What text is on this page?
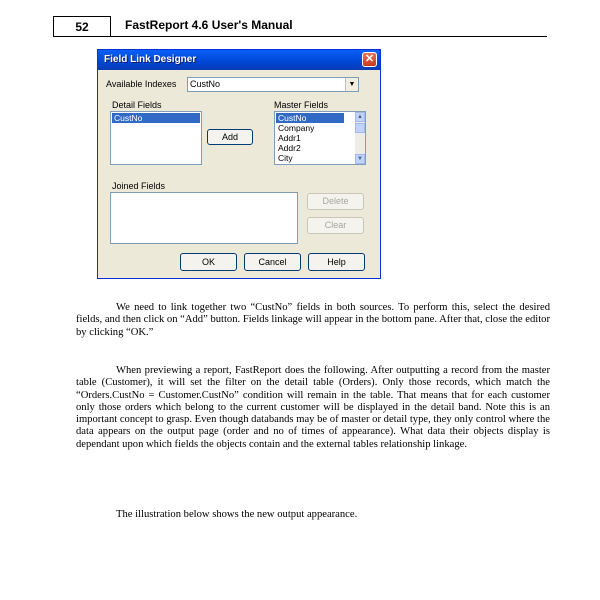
52	FastReport 4.6 User's Manual
Field Link Designer	✕
Available Indexes CustNo	▼
Detail Fields
CustNo
Add
Master Fields
CustNo
Company
Addr1
Addr2
City
▲
▼
Joined Fields
Delete
Clear
OK	Cancel	Help

We need to link together two “CustNo” fields in both sources. To perform this, select the desired fields, and then click on “Add” button. Fields linkage will appear in the bottom pane. After that, close the editor by clicking “OK.”

When previewing a report, FastReport does the following. After outputting a record from the master table (Customer), it will set the filter on the detail table (Orders). Only those records, which match the “Orders.CustNo = Customer.CustNo” condition will remain in the table. That means that for each customer only those orders which belong to the current customer will be displayed in the detail band. Note this is an important concept to grasp. Even though databands may be of master or detail type, they only control where the data appears on the output page (order and no of times of appearance). What data their objects display is dependant upon which fields the objects contain and the external tables relationship linkage.

The illustration below shows the new output appearance.
